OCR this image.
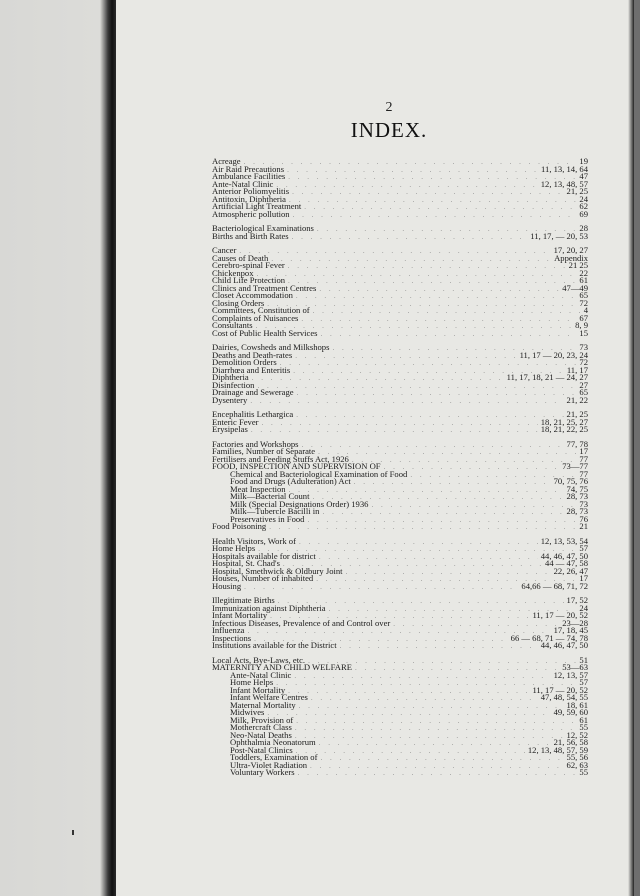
2
INDEX.
Acreage . . .	19
Air Raid Precautions . . .	11, 13, 14, 64
Ambulance Facilities . . .	47
Ante-Natal Clinic . . .	12, 13, 48, 57
Anterior Poliomyelitis . . .	21, 25
Antitoxin, Diphtheria . . .	24
Artificial Light Treatment . . .	62
Atmospheric pollution . . .	69
Bacteriological Examinations . . .	28
Births and Birth Rates . . .	11, 17, — 20, 53
Cancer . . .	17, 20, 27
Causes of Death . . .	Appendix
Cerebro-spinal Fever . . .	21 25
Chickenpox . . .	22
Child Life Protection . . .	61
Clinics and Treatment Centres . . .	47—49
Closet Accommodation . . .	65
Closing Orders . . .	72
Committees, Constitution of . . .	4
Complaints of Nuisances . . .	67
Consultants . . .	8, 9
Cost of Public Health Services . . .	15
Dairies, Cowsheds and Milkshops . . .	73
Deaths and Death-rates . . .	11, 17 — 20, 23, 24
Demolition Orders . . .	72
Diarrhœa and Enteritis . . .	11, 17
Diphtheria . . .	11, 17, 18, 21 — 24, 27
Disinfection . . .	27
Drainage and Sewerage . . .	65
Dysentery . . .	21, 22
Encephalitis Lethargica . . .	21, 25
Enteric Fever . . .	18, 21, 25, 27
Erysipelas . . .	18, 21, 22, 25
Factories and Workshops . . .	77, 78
Families, Number of Separate . . .	17
Fertilisers and Feeding Stuffs Act, 1926 . . .	77
FOOD, INSPECTION AND SUPERVISION OF . . .	73—77
Chemical and Bacteriological Examination of Food . . .	77
Food and Drugs (Adulteration) Act . . .	70, 75, 76
Meat Inspection . . .	74, 75
Milk—Bacterial Count . . .	28, 73
Milk (Special Designations Order) 1936 . . .	73
Milk—Tubercle Bacilli in . . .	28, 73
Preservatives in Food . . .	76
Food Poisoning . . .	21
Health Visitors, Work of . . .	12, 13, 53, 54
Home Helps . . .	57
Hospitals available for district . . .	44, 46, 47, 50
Hospital, St. Chad's . . .	44 — 47, 58
Hospital, Smethwick & Oldbury Joint . . .	22, 26, 47
Houses, Number of inhabited . . .	17
Housing . . .	64,66 — 68, 71, 72
Illegitimate Births . . .	17, 52
Immunization against Diphtheria . . .	24
Infant Mortality . . .	11, 17 — 20, 52
Infectious Diseases, Prevalence of and Control over . . .	23—28
Influenza . . .	17, 18, 45
Inspections . . .	66 — 68, 71 — 74, 78
Institutions available for the District . . .	44, 46, 47, 50
Local Acts, Bye-Laws, etc. . . .	51
MATERNITY AND CHILD WELFARE . . .	53—63
Ante-Natal Clinic . . .	12, 13, 57
Home Helps . . .	57
Infant Mortality . . .	11, 17 — 20, 52
Infant Welfare Centres . . .	47, 48, 54, 55
Maternal Mortality . . .	18, 61
Midwives . . .	49, 59, 60
Milk, Provision of . . .	61
Mothercraft Class . . .	55
Neo-Natal Deaths . . .	12, 52
Ophthalmia Neonatorum . . .	21, 56, 58
Post-Natal Clinics . . .	12, 13, 48, 57, 59
Toddlers, Examination of . . .	55, 56
Ultra-Violet Radiation . . .	62, 63
Voluntary Workers . . .	55
